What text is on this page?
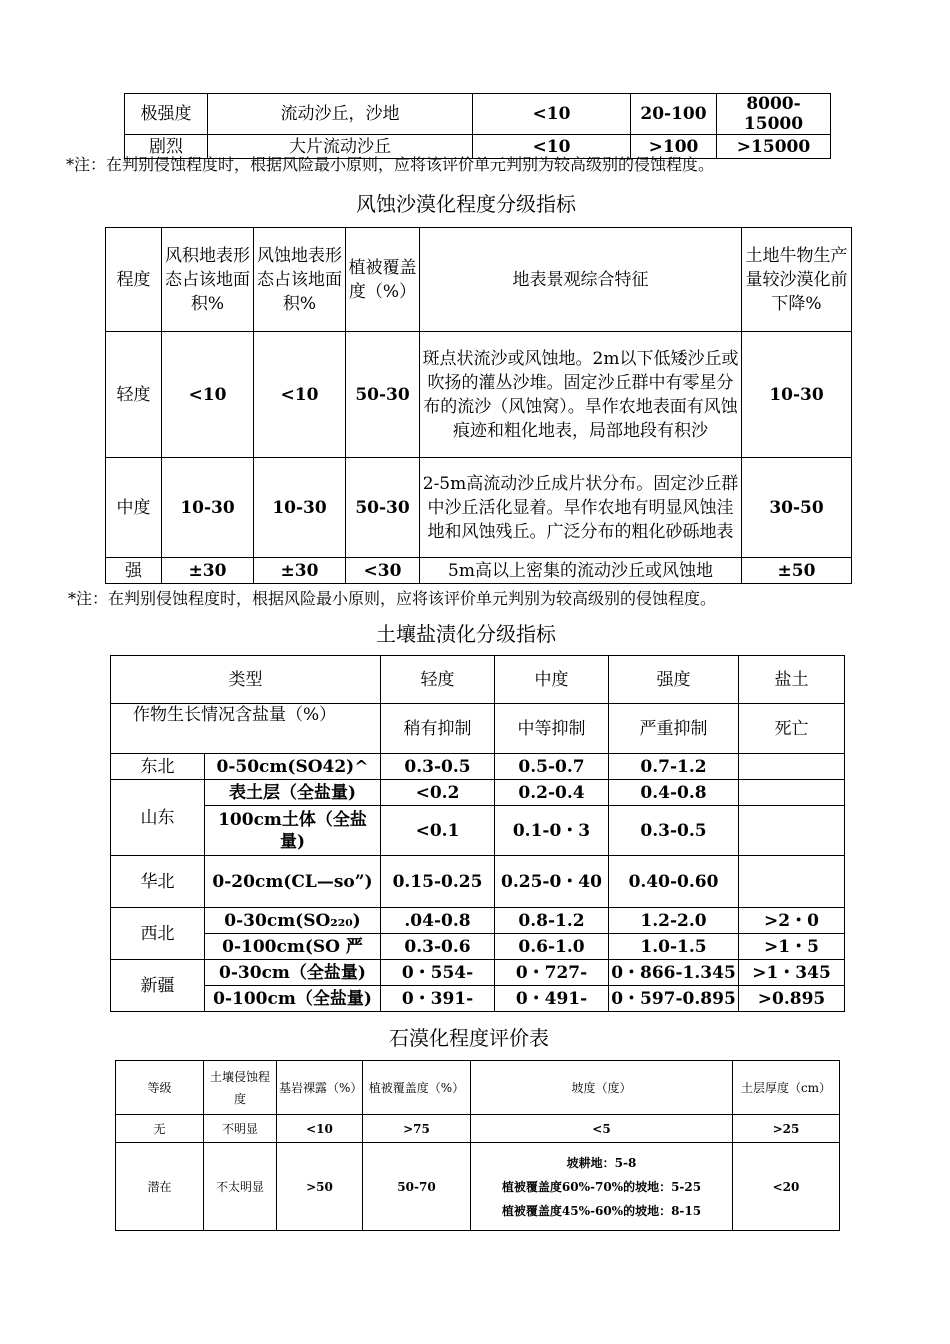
极强度	流动沙丘，沙地	<10	20-100	8000-15000
剧烈	大片流动沙丘	<10	>100	>15000
*注：在判别侵蚀程度时，根据风险最小原则，应将该评价单元判别为较高级别的侵蚀程度。
风蚀沙漠化程度分级指标
程度	风积地表形态占该地面积%	风蚀地表形态占该地面积%	植被覆盖度（%）	地表景观综合特征	土地牛物生产量较沙漠化前下降%
轻度	<10	<10	50-30	斑点状流沙或风蚀地。2m以下低矮沙丘或吹扬的灌丛沙堆。固定沙丘群中有零星分布的流沙（风蚀窝）。旱作农地表面有风蚀痕迹和粗化地表，局部地段有积沙	10-30
中度	10-30	10-30	50-30	2-5m高流动沙丘成片状分布。固定沙丘群中沙丘活化显着。旱作农地有明显风蚀洼地和风蚀残丘。广泛分布的粗化砂砾地表	30-50
强	±30	±30	<30	5m高以上密集的流动沙丘或风蚀地	±50
*注：在判别侵蚀程度时，根据风险最小原则，应将该评价单元判别为较高级别的侵蚀程度。
土壤盐渍化分级指标
类型		轻度	中度	强度	盐土
作物生长情况含盐量（%）		稍有抑制	中等抑制	严重抑制	死亡
东北	0-50cm(SO42)^	0.3-0.5	0.5-0.7	0.7-1.2	
山东	表土层（全盐量)	<0.2	0.2-0.4	0.4-0.8	
	100cm土体（全盐量)	<0.1	0.1-0・3	0.3-0.5	
华北	0-20cm(CL—so”)	0.15-0.25	0.25-0・40	0.40-0.60	
西北	0-30cm(SO₂₂₀)	.04-0.8	0.8-1.2	1.2-2.0	>2・0
	0-100cm(SO 严	0.3-0.6	0.6-1.0	1.0-1.5	>1・5
新疆	0-30cm（全盐量)	0・554-	0・727-	0・866-1.345	>1・345
	0-100cm（全盐量)	0・391-	0・491-	0・597-0.895	>0.895
石漠化程度评价表
等级	土壤侵蚀程度	基岩裸露（%）	植被覆盖度（%）	坡度（度）	土层厚度（cm）
无	不明显	<10	>75	<5	>25
潜在	不太明显	>50	50-70	坡耕地：5-8
植被覆盖度60%-70%的坡地：5-25
植被覆盖度45%-60%的坡地：8-15	<20
